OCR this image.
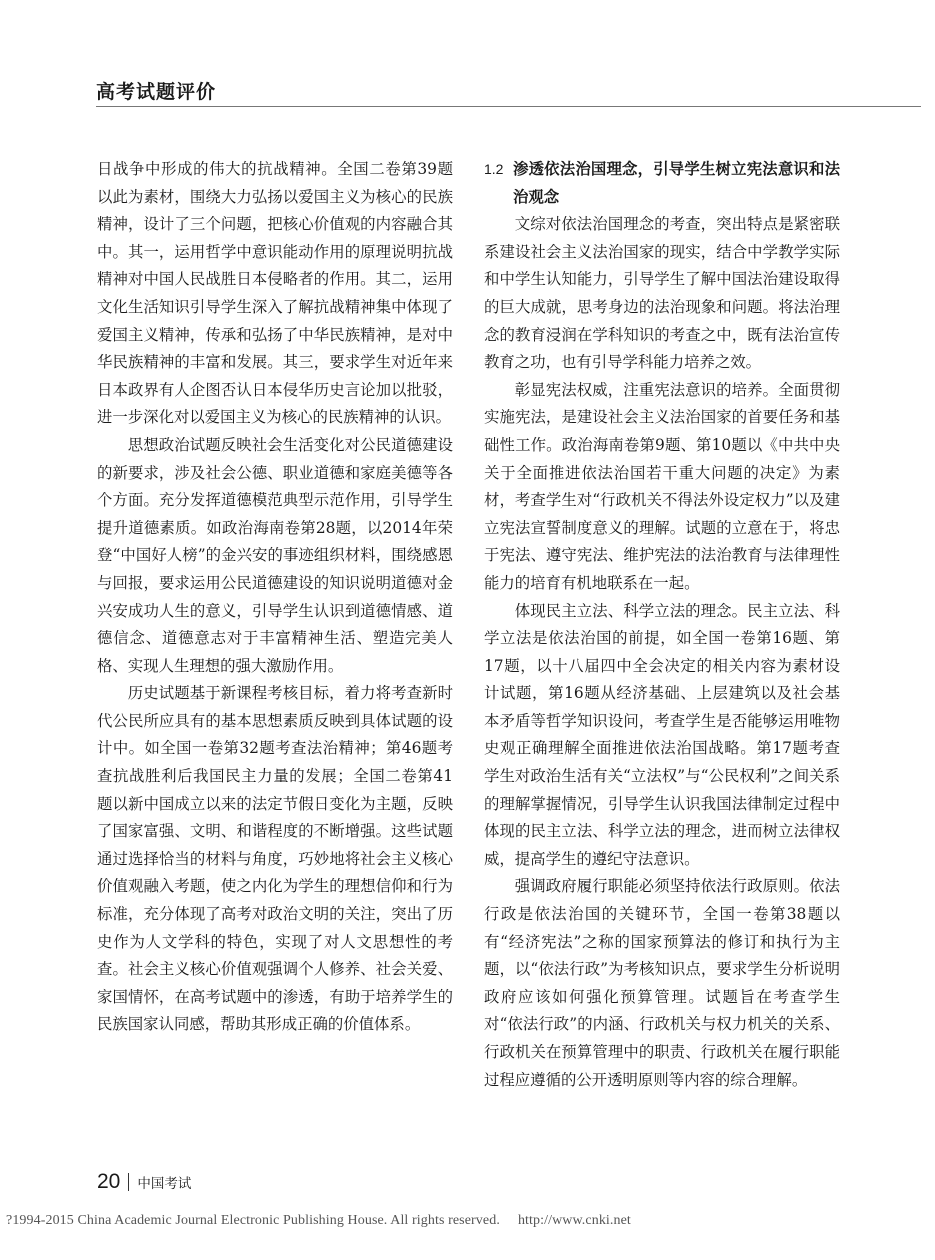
高考试题评价

日战争中形成的伟大的抗战精神。全国二卷第39题以此为素材，围绕大力弘扬以爱国主义为核心的民族精神，设计了三个问题，把核心价值观的内容融合其中。其一，运用哲学中意识能动作用的原理说明抗战精神对中国人民战胜日本侵略者的作用。其二，运用文化生活知识引导学生深入了解抗战精神集中体现了爱国主义精神，传承和弘扬了中华民族精神，是对中华民族精神的丰富和发展。其三，要求学生对近年来日本政界有人企图否认日本侵华历史言论加以批驳，进一步深化对以爱国主义为核心的民族精神的认识。

思想政治试题反映社会生活变化对公民道德建设的新要求，涉及社会公德、职业道德和家庭美德等各个方面。充分发挥道德模范典型示范作用，引导学生提升道德素质。如政治海南卷第28题，以2014年荣登“中国好人榜”的金兴安的事迹组织材料，围绕感恩与回报，要求运用公民道德建设的知识说明道德对金兴安成功人生的意义，引导学生认识到道德情感、道德信念、道德意志对于丰富精神生活、塑造完美人格、实现人生理想的强大激励作用。

历史试题基于新课程考核目标，着力将考查新时代公民所应具有的基本思想素质反映到具体试题的设计中。如全国一卷第32题考查法治精神；第46题考查抗战胜利后我国民主力量的发展；全国二卷第41题以新中国成立以来的法定节假日变化为主题，反映了国家富强、文明、和谐程度的不断增强。这些试题通过选择恰当的材料与角度，巧妙地将社会主义核心价值观融入考题，使之内化为学生的理想信仰和行为标准，充分体现了高考对政治文明的关注，突出了历史作为人文学科的特色，实现了对人文思想性的考查。社会主义核心价值观强调个人修养、社会关爱、家国情怀，在高考试题中的渗透，有助于培养学生的民族国家认同感，帮助其形成正确的价值体系。

1.2 渗透依法治国理念，引导学生树立宪法意识和法治观念

文综对依法治国理念的考查，突出特点是紧密联系建设社会主义法治国家的现实，结合中学教学实际和中学生认知能力，引导学生了解中国法治建设取得的巨大成就，思考身边的法治现象和问题。将法治理念的教育浸润在学科知识的考查之中，既有法治宣传教育之功，也有引导学科能力培养之效。

彰显宪法权威，注重宪法意识的培养。全面贯彻实施宪法，是建设社会主义法治国家的首要任务和基础性工作。政治海南卷第9题、第10题以《中共中央关于全面推进依法治国若干重大问题的决定》为素材，考查学生对“行政机关不得法外设定权力”以及建立宪法宣誓制度意义的理解。试题的立意在于，将忠于宪法、遵守宪法、维护宪法的法治教育与法律理性能力的培育有机地联系在一起。

体现民主立法、科学立法的理念。民主立法、科学立法是依法治国的前提，如全国一卷第16题、第17题，以十八届四中全会决定的相关内容为素材设计试题，第16题从经济基础、上层建筑以及社会基本矛盾等哲学知识设问，考查学生是否能够运用唯物史观正确理解全面推进依法治国战略。第17题考查学生对政治生活有关“立法权”与“公民权利”之间关系的理解掌握情况，引导学生认识我国法律制定过程中体现的民主立法、科学立法的理念，进而树立法律权威，提高学生的遵纪守法意识。

强调政府履行职能必须坚持依法行政原则。依法行政是依法治国的关键环节，全国一卷第38题以有“经济宪法”之称的国家预算法的修订和执行为主题，以“依法行政”为考核知识点，要求学生分析说明政府应该如何强化预算管理。试题旨在考查学生对“依法行政”的内涵、行政机关与权力机关的关系、行政机关在预算管理中的职责、行政机关在履行职能过程应遵循的公开透明原则等内容的综合理解。

20 中国考试
?1994-2015 China Academic Journal Electronic Publishing House. All rights reserved. http://www.cnki.net
